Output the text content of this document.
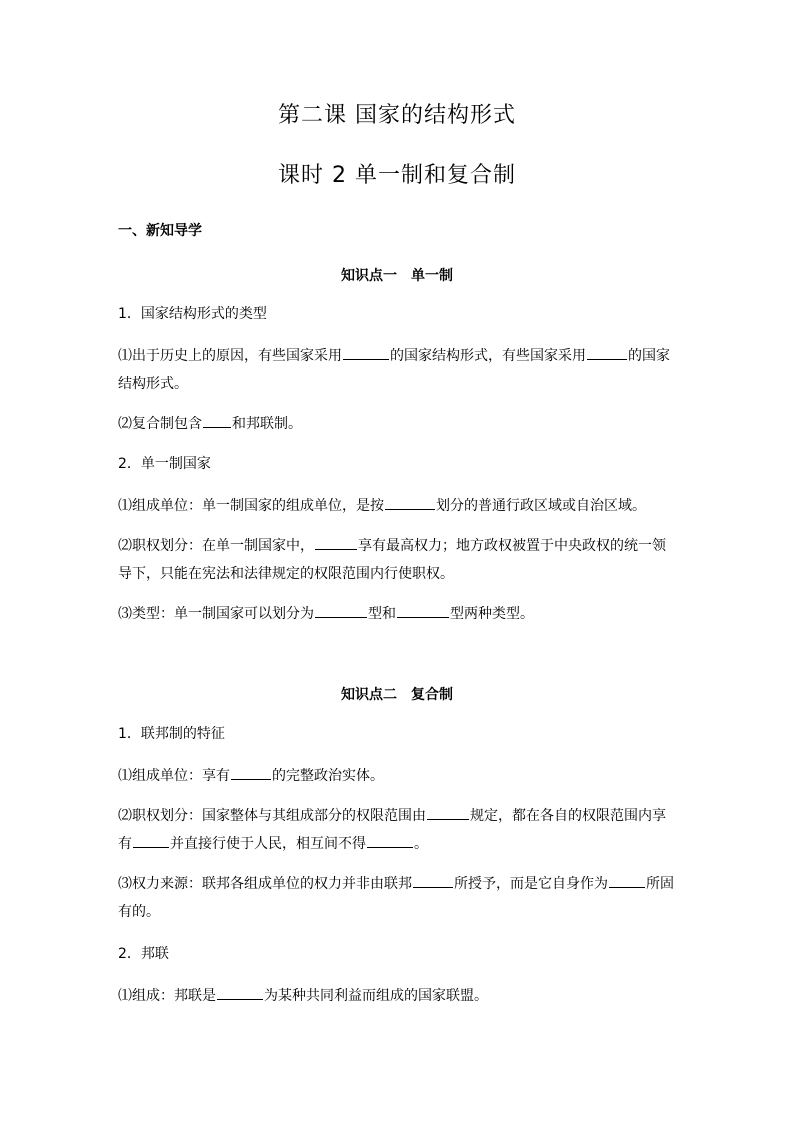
第二课 国家的结构形式
课时 2 单一制和复合制
一、新知导学
知识点一 单一制
1．国家结构形式的类型
⑴出于历史上的原因，有些国家采用	的国家结构形式，有些国家采用	的国家
结构形式。
⑵复合制包含 和邦联制。
2．单一制国家
⑴组成单位：单一制国家的组成单位，是按	划分的普通行政区域或自治区域。
⑵职权划分：在单一制国家中，	享有最高权力；地方政权被置于中央政权的统一领
导下，只能在宪法和法律规定的权限范围内行使职权。
⑶类型：单一制国家可以划分为	型和	型两种类型。
知识点二 复合制
1．联邦制的特征
⑴组成单位：享有	的完整政治实体。
⑵职权划分：国家整体与其组成部分的权限范围由	规定，都在各自的权限范围内享
有	并直接行使于人民，相互间不得	。
⑶权力来源：联邦各组成单位的权力并非由联邦	所授予，而是它自身作为	所固
有的。
2．邦联
⑴组成：邦联是	为某种共同利益而组成的国家联盟。
